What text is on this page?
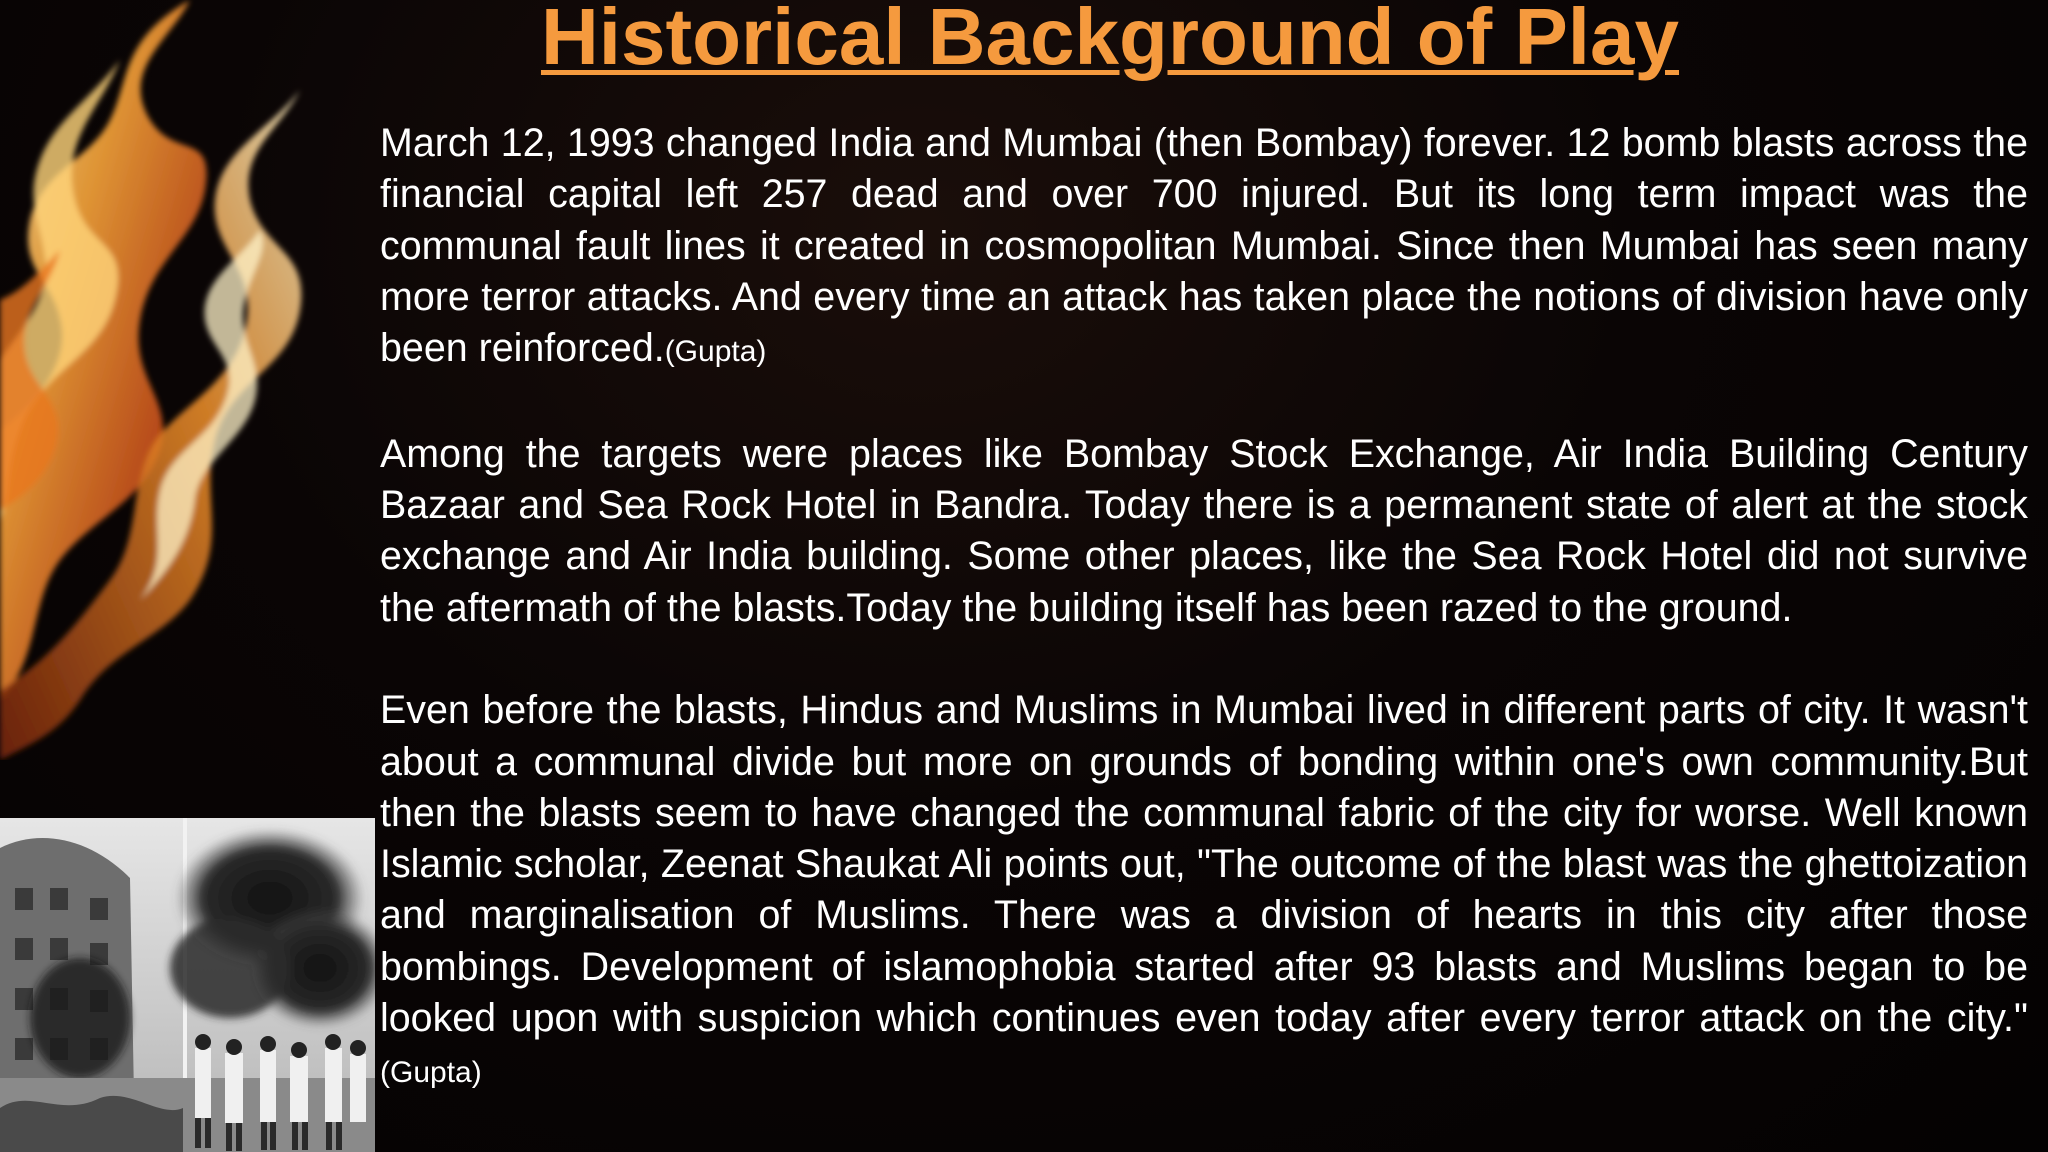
Historical Background of Play

March 12, 1993 changed India and Mumbai (then Bombay) forever. 12 bomb blasts across the financial capital left 257 dead and over 700 injured. But its long term impact was the communal fault lines it created in cosmopolitan Mumbai. Since then Mumbai has seen many more terror attacks. And every time an attack has taken place the notions of division have only been reinforced.(Gupta)

Among the targets were places like Bombay Stock Exchange, Air India Building Century Bazaar and Sea Rock Hotel in Bandra. Today there is a permanent state of alert at the stock exchange and Air India building. Some other places, like the Sea Rock Hotel did not survive the aftermath of the blasts.Today the building itself has been razed to the ground.

Even before the blasts, Hindus and Muslims in Mumbai lived in different parts of city. It wasn't about a communal divide but more on grounds of bonding within one's own community.But then the blasts seem to have changed the communal fabric of the city for worse. Well known Islamic scholar, Zeenat Shaukat Ali points out, "The outcome of the blast was the ghettoization and marginalisation of Muslims. There was a division of hearts in this city after those bombings. Development of islamophobia started after 93 blasts and Muslims began to be looked upon with suspicion which continues even today after every terror attack on the city." (Gupta)
